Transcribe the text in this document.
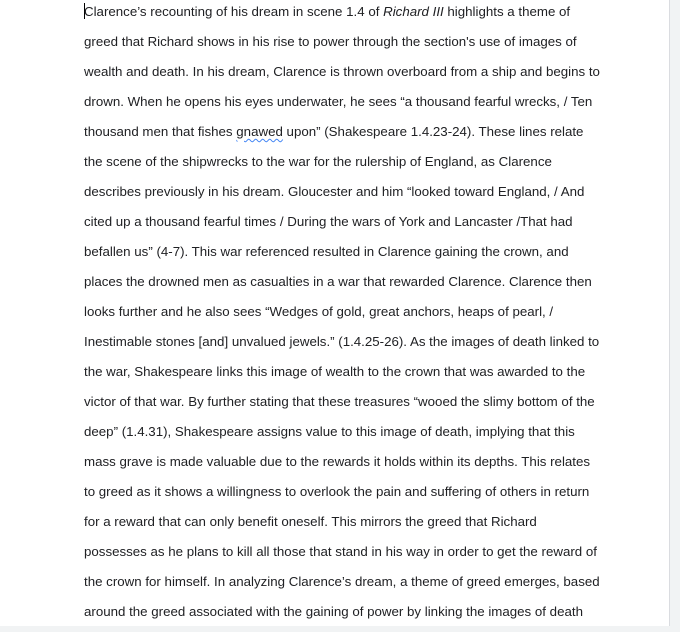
Clarence’s recounting of his dream in scene 1.4 of Richard III highlights a theme of
greed that Richard shows in his rise to power through the section's use of images of
wealth and death. In his dream, Clarence is thrown overboard from a ship and begins to
drown. When he opens his eyes underwater, he sees “a thousand fearful wrecks, / Ten
thousand men that fishes gnawed upon” (Shakespeare 1.4.23-24). These lines relate
the scene of the shipwrecks to the war for the rulership of England, as Clarence
describes previously in his dream. Gloucester and him “looked toward England, / And
cited up a thousand fearful times / During the wars of York and Lancaster /That had
befallen us” (4-7). This war referenced resulted in Clarence gaining the crown, and
places the drowned men as casualties in a war that rewarded Clarence. Clarence then
looks further and he also sees “Wedges of gold, great anchors, heaps of pearl, /
Inestimable stones [and] unvalued jewels.” (1.4.25-26). As the images of death linked to
the war, Shakespeare links this image of wealth to the crown that was awarded to the
victor of that war. By further stating that these treasures “wooed the slimy bottom of the
deep” (1.4.31), Shakespeare assigns value to this image of death, implying that this
mass grave is made valuable due to the rewards it holds within its depths. This relates
to greed as it shows a willingness to overlook the pain and suffering of others in return
for a reward that can only benefit oneself. This mirrors the greed that Richard
possesses as he plans to kill all those that stand in his way in order to get the reward of
the crown for himself. In analyzing Clarence’s dream, a theme of greed emerges, based
around the greed associated with the gaining of power by linking the images of death
